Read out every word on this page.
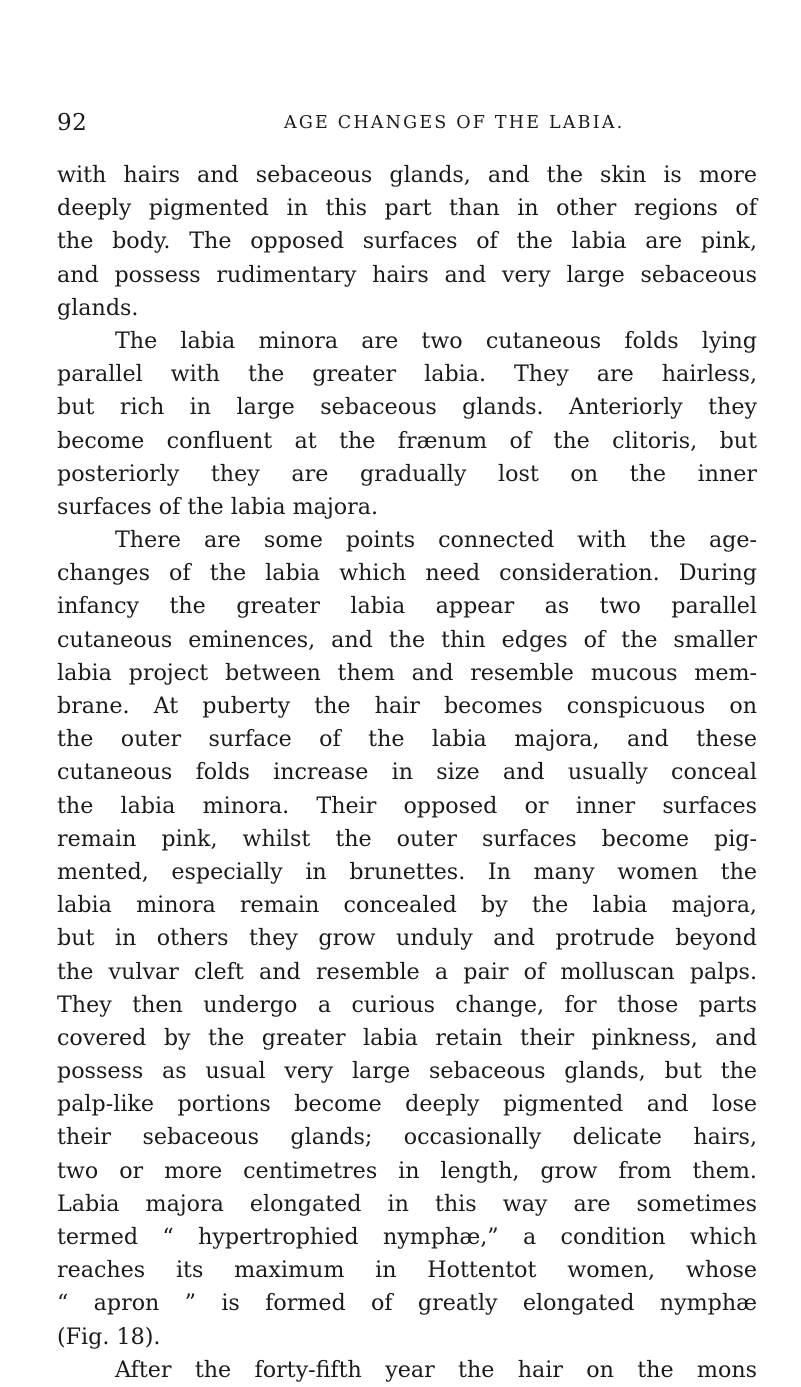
92	AGE CHANGES OF THE LABIA.
with hairs and sebaceous glands, and the skin is more
deeply pigmented in this part than in other regions of
the body. The opposed surfaces of the labia are pink,
and possess rudimentary hairs and very large sebaceous
glands.
The labia minora are two cutaneous folds lying
parallel with the greater labia. They are hairless,
but rich in large sebaceous glands. Anteriorly they
become confluent at the frænum of the clitoris, but
posteriorly they are gradually lost on the inner
surfaces of the labia majora.
There are some points connected with the age-
changes of the labia which need consideration. During
infancy the greater labia appear as two parallel
cutaneous eminences, and the thin edges of the smaller
labia project between them and resemble mucous mem-
brane. At puberty the hair becomes conspicuous on
the outer surface of the labia majora, and these
cutaneous folds increase in size and usually conceal
the labia minora. Their opposed or inner surfaces
remain pink, whilst the outer surfaces become pig-
mented, especially in brunettes. In many women the
labia minora remain concealed by the labia majora,
but in others they grow unduly and protrude beyond
the vulvar cleft and resemble a pair of molluscan palps.
They then undergo a curious change, for those parts
covered by the greater labia retain their pinkness, and
possess as usual very large sebaceous glands, but the
palp-like portions become deeply pigmented and lose
their sebaceous glands; occasionally delicate hairs,
two or more centimetres in length, grow from them.
Labia majora elongated in this way are sometimes
termed “ hypertrophied nymphæ,” a condition which
reaches its maximum in Hottentot women, whose
“ apron ” is formed of greatly elongated nymphæ
(Fig. 18).
After the forty-fifth year the hair on the mons
